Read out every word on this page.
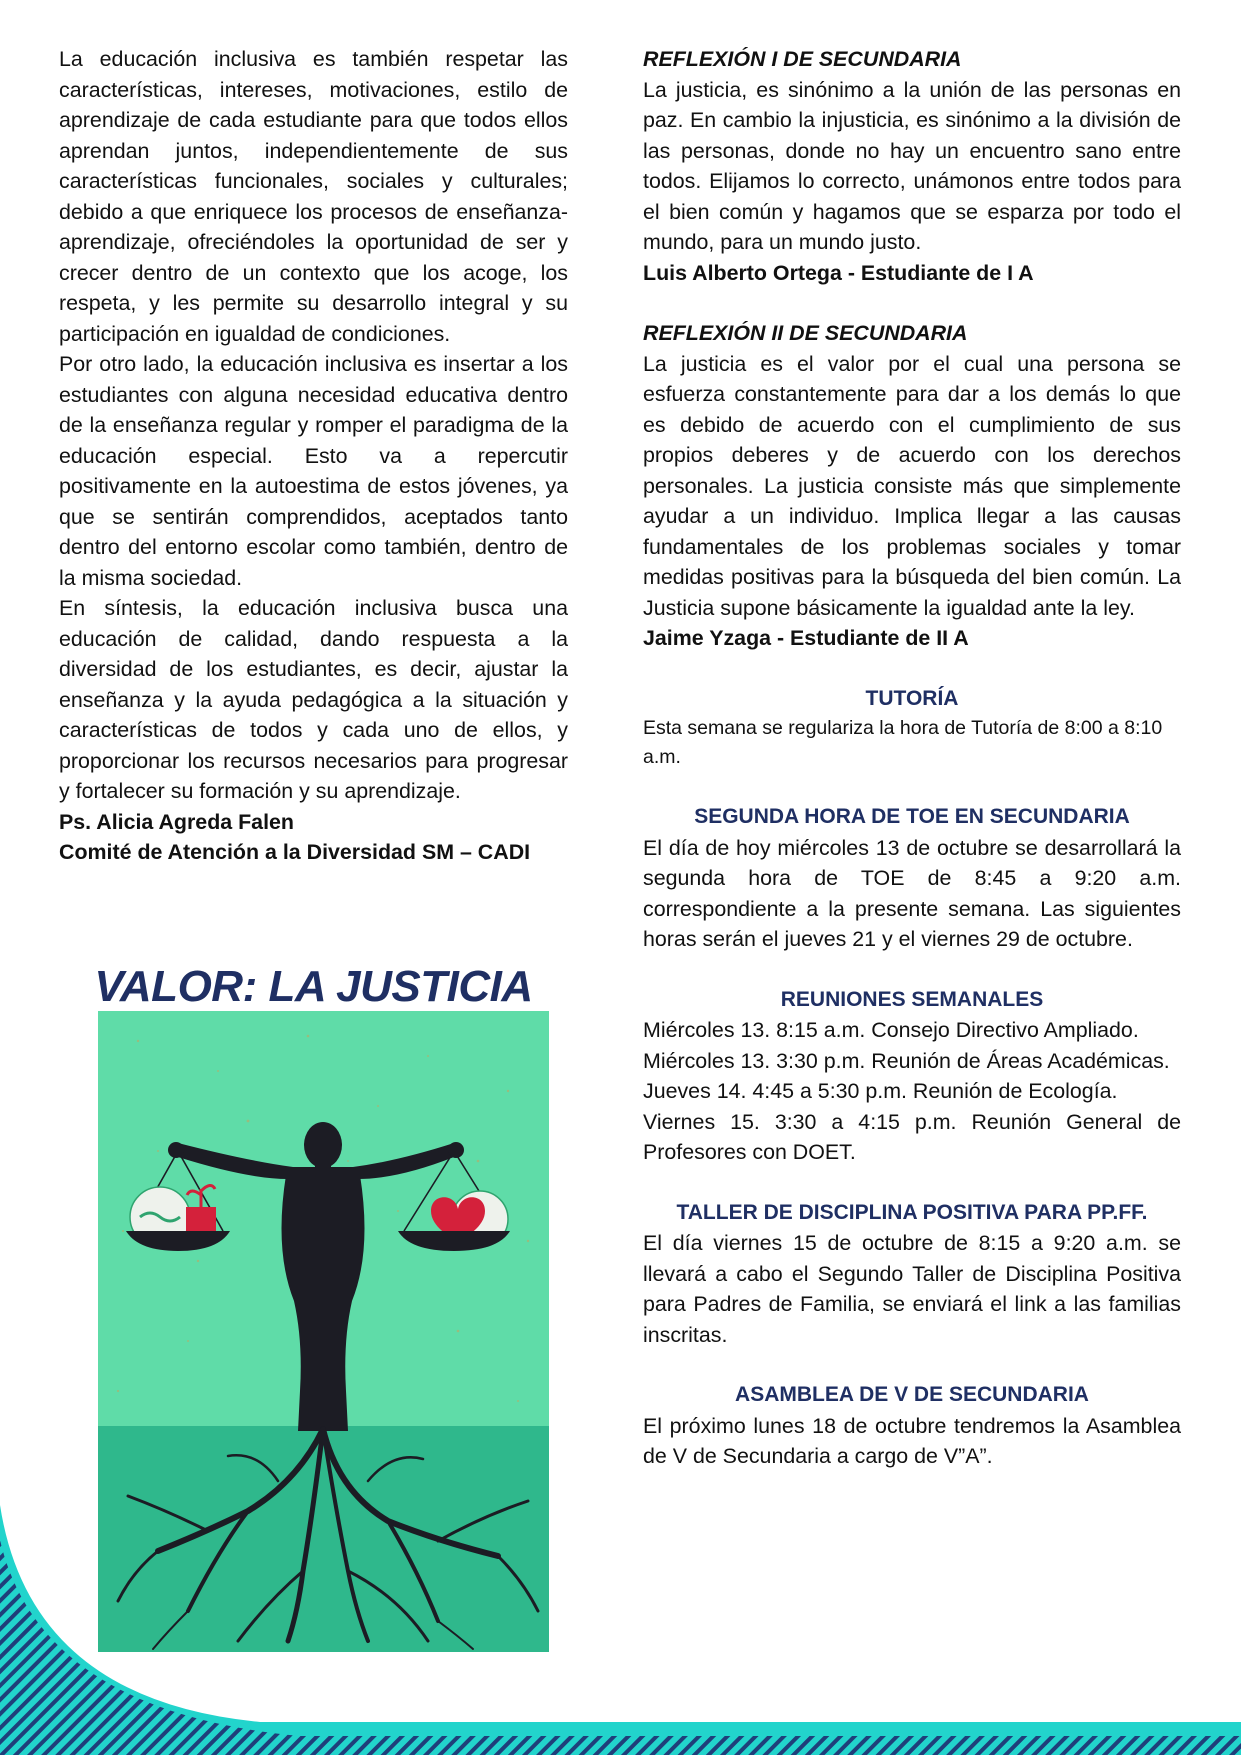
La educación inclusiva es también respetar las características, intereses, motivaciones, estilo de aprendizaje de cada estudiante para que todos ellos aprendan juntos, independientemente de sus características funcionales, sociales y culturales; debido a que enriquece los procesos de enseñanza-aprendizaje, ofreciéndoles la oportunidad de ser y crecer dentro de un contexto que los acoge, los respeta, y les permite su desarrollo integral y su participación en igualdad de condiciones.

Por otro lado, la educación inclusiva es insertar a los estudiantes con alguna necesidad educativa dentro de la enseñanza regular y romper el paradigma de la educación especial. Esto va a repercutir positivamente en la autoestima de estos jóvenes, ya que se sentirán comprendidos, aceptados tanto dentro del entorno escolar como también, dentro de la misma sociedad.

En síntesis, la educación inclusiva busca una educación de calidad, dando respuesta a la diversidad de los estudiantes, es decir, ajustar la enseñanza y la ayuda pedagógica a la situación y características de todos y cada uno de ellos, y proporcionar los recursos necesarios para progresar y fortalecer su formación y su aprendizaje.

Ps. Alicia Agreda Falen

Comité de Atención a la Diversidad SM – CADI

VALOR: LA JUSTICIA

REFLEXIÓN I DE SECUNDARIA

La justicia, es sinónimo a la unión de las personas en paz. En cambio la injusticia, es sinónimo a la división de las personas, donde no hay un encuentro sano entre todos. Elijamos lo correcto, unámonos entre todos para el bien común y hagamos que se esparza por todo el mundo, para un mundo justo.

Luis Alberto Ortega - Estudiante de I A

REFLEXIÓN II DE SECUNDARIA

La justicia es el valor por el cual una persona se esfuerza constantemente para dar a los demás lo que es debido de acuerdo con el cumplimiento de sus propios deberes y de acuerdo con los derechos personales. La justicia consiste más que simplemente ayudar a un individuo. Implica llegar a las causas fundamentales de los problemas sociales y tomar medidas positivas para la búsqueda del bien común. La Justicia supone básicamente la igualdad ante la ley.

Jaime Yzaga - Estudiante de II A

TUTORÍA

Esta semana se regulariza la hora de Tutoría de 8:00 a 8:10 a.m.

SEGUNDA HORA DE TOE EN SECUNDARIA

El día de hoy miércoles 13 de octubre se desarrollará la segunda hora de TOE de 8:45 a 9:20 a.m. correspondiente a la presente semana. Las siguientes horas serán el jueves 21 y el viernes 29 de octubre.

REUNIONES SEMANALES

Miércoles 13. 8:15 a.m. Consejo Directivo Ampliado.

Miércoles 13. 3:30 p.m. Reunión de Áreas Académicas.

Jueves 14. 4:45 a 5:30 p.m. Reunión de Ecología.

Viernes 15. 3:30 a 4:15 p.m. Reunión General de Profesores con DOET.

TALLER DE DISCIPLINA POSITIVA PARA PP.FF.

El día viernes 15 de octubre de 8:15 a 9:20 a.m. se llevará a cabo el Segundo Taller de Disciplina Positiva para Padres de Familia, se enviará el link a las familias inscritas.

ASAMBLEA DE V DE SECUNDARIA

El próximo lunes 18 de octubre tendremos la Asamblea de V de Secundaria a cargo de V”A”.
